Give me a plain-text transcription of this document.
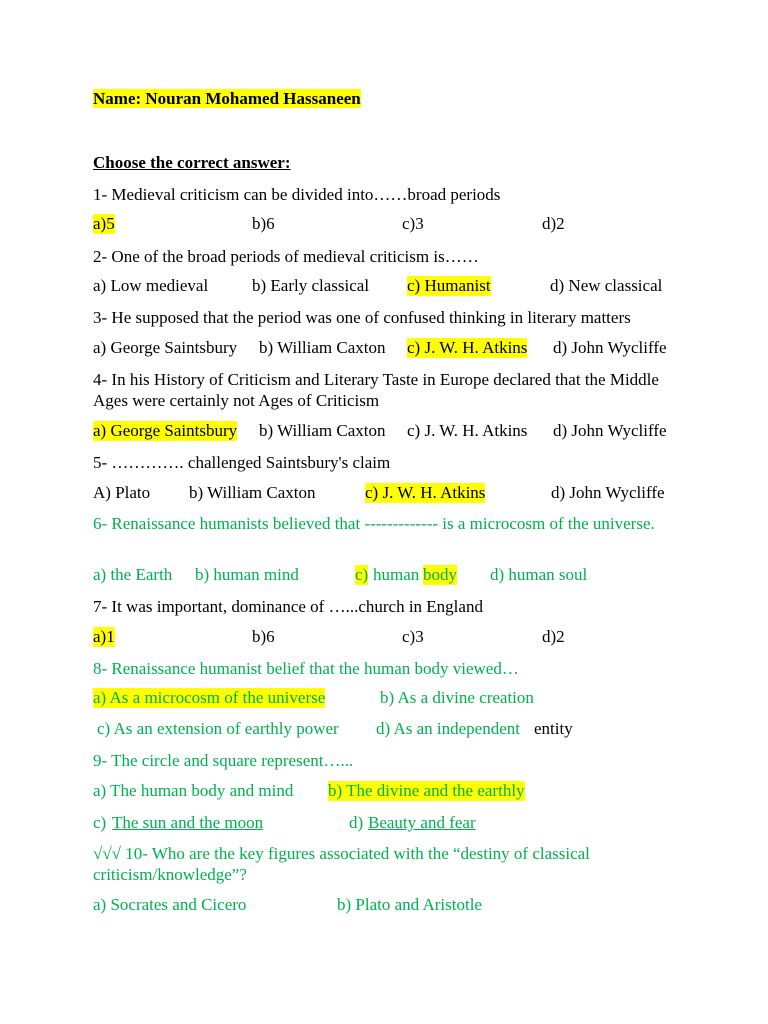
Name: Nouran Mohamed Hassaneen
Choose the correct answer:
1- Medieval criticism can be divided into……broad periods
a)5	b)6	c)3	d)2
2- One of the broad periods of medieval criticism is……
a) Low medieval	b) Early classical c) Humanist	d) New classical
3- He supposed that the period was one of confused thinking in literary matters
a) George Saintsbury b) William Caxton c) J. W. H. Atkins d) John Wycliffe
4- In his History of Criticism and Literary Taste in Europe declared that the Middle Ages were certainly not Ages of Criticism
a) George Saintsbury b) William Caxton c) J. W. H. Atkins d) John Wycliffe
5- …………. challenged Saintsbury's claim
A) Plato b) William Caxton	c) J. W. H. Atkins	d) John Wycliffe
6- Renaissance humanists believed that ------------- is a microcosm of the universe.
a) the Earth b) human mind	c) human body d) human soul
7- It was important, dominance of …...church in England
a)1	b)6	c)3	d)2
8- Renaissance humanist belief that the human body viewed…
a) As a microcosm of the universe	b) As a divine creation
c) As an extension of earthly power d) As an independent entity
9- The circle and square represent…...
a) The human body and mind b) The divine and the earthly
c) The sun and the moon	d) Beauty and fear
√√√ 10- Who are the key figures associated with the “destiny of classical criticism/knowledge”?
a) Socrates and Cicero	b) Plato and Aristotle
